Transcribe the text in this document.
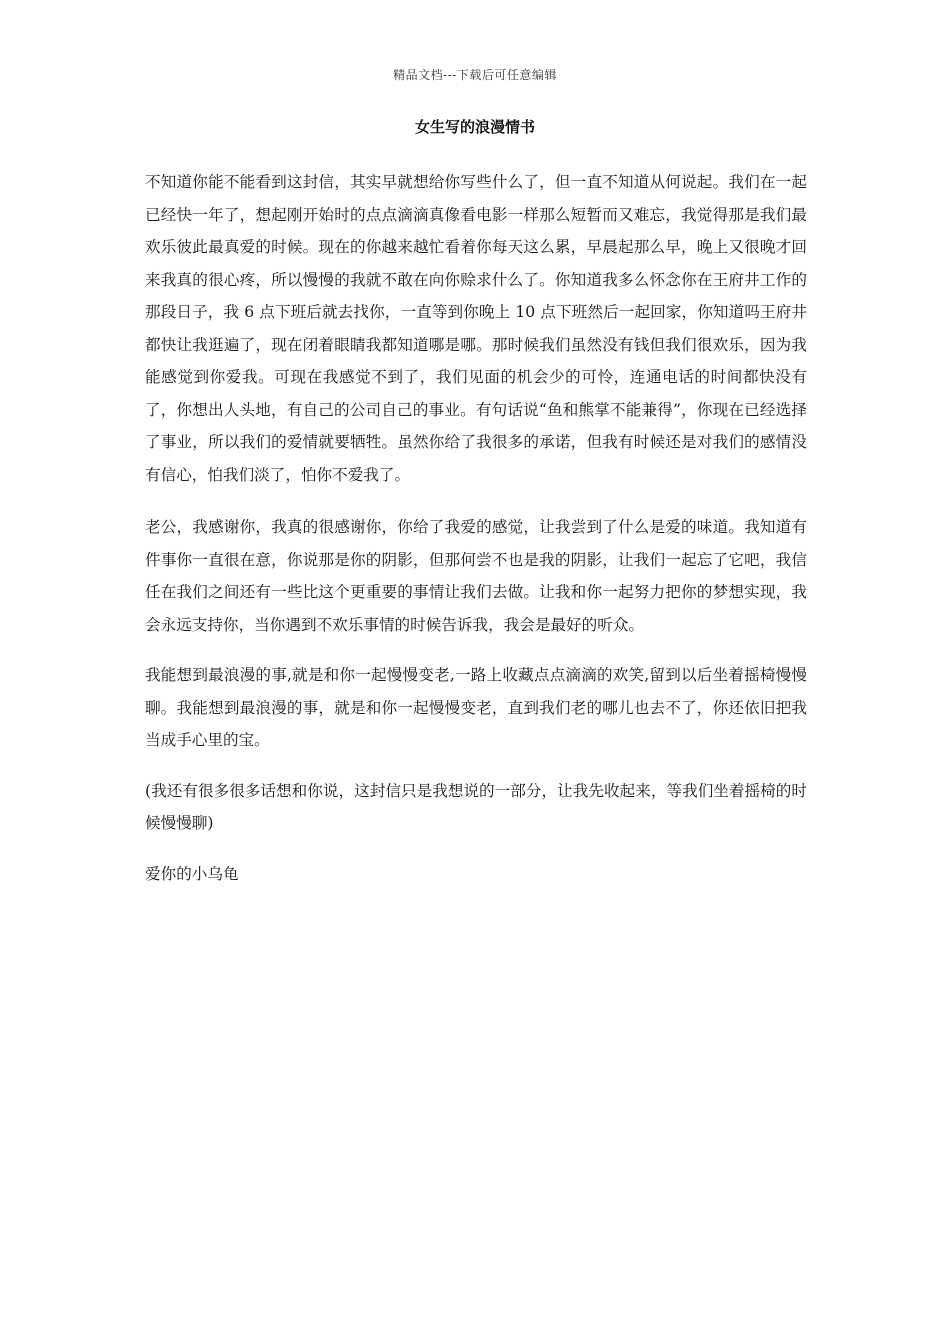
精品文档---下载后可任意编辑
女生写的浪漫情书

不知道你能不能看到这封信，其实早就想给你写些什么了，但一直不知道从何说起。我们在一起已经快一年了，想起刚开始时的点点滴滴真像看电影一样那么短暂而又难忘，我觉得那是我们最欢乐彼此最真爱的时候。现在的你越来越忙看着你每天这么累，早晨起那么早，晚上又很晚才回来我真的很心疼，所以慢慢的我就不敢在向你赊求什么了。你知道我多么怀念你在王府井工作的那段日子，我 6 点下班后就去找你，一直等到你晚上 10 点下班然后一起回家，你知道吗王府井都快让我逛遍了，现在闭着眼睛我都知道哪是哪。那时候我们虽然没有钱但我们很欢乐，因为我能感觉到你爱我。可现在我感觉不到了，我们见面的机会少的可怜，连通电话的时间都快没有了，你想出人头地，有自己的公司自己的事业。有句话说“鱼和熊掌不能兼得”，你现在已经选择了事业，所以我们的爱情就要牺牲。虽然你给了我很多的承诺，但我有时候还是对我们的感情没有信心，怕我们淡了，怕你不爱我了。

老公，我感谢你，我真的很感谢你，你给了我爱的感觉，让我尝到了什么是爱的味道。我知道有件事你一直很在意，你说那是你的阴影，但那何尝不也是我的阴影，让我们一起忘了它吧，我信任在我们之间还有一些比这个更重要的事情让我们去做。让我和你一起努力把你的梦想实现，我会永远支持你，当你遇到不欢乐事情的时候告诉我，我会是最好的听众。

我能想到最浪漫的事,就是和你一起慢慢变老,一路上收藏点点滴滴的欢笑,留到以后坐着摇椅慢慢聊。我能想到最浪漫的事，就是和你一起慢慢变老，直到我们老的哪儿也去不了，你还依旧把我当成手心里的宝。

(我还有很多很多话想和你说，这封信只是我想说的一部分，让我先收起来，等我们坐着摇椅的时候慢慢聊)

爱你的小乌龟
